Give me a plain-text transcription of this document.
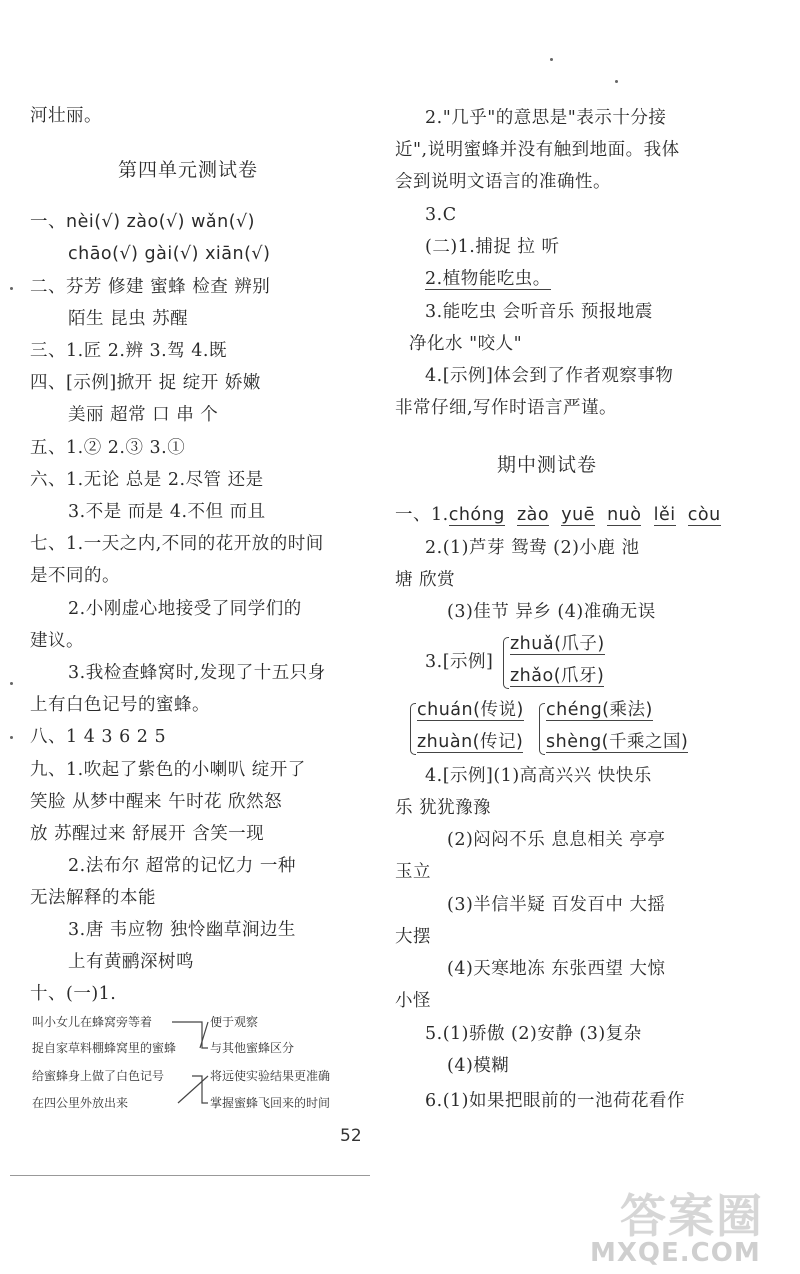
河壮丽。
第四单元测试卷
一、nèi(√) zào(√) wǎn(√)
chāo(√) gài(√) xiān(√)
二、芬芳 修建 蜜蜂 检查 辨别
陌生 昆虫 苏醒
三、1.匠 2.辨 3.驾 4.既
四、[示例]掀开 捉 绽开 娇嫩
美丽 超常 口 串 个
五、1.② 2.③ 3.①
六、1.无论 总是 2.尽管 还是
3.不是 而是 4.不但 而且
七、1.一天之内,不同的花开放的时间
是不同的。
2.小刚虚心地接受了同学们的
建议。
3.我检查蜂窝时,发现了十五只身
上有白色记号的蜜蜂。
八、1 4 3 6 2 5
九、1.吹起了紫色的小喇叭 绽开了
笑脸 从梦中醒来 午时花 欣然怒
放 苏醒过来 舒展开 含笑一现
2.法布尔 超常的记忆力 一种
无法解释的本能
3.唐 韦应物 独怜幽草涧边生
上有黄鹂深树鸣
十、(一)1.
叫小女儿在蜂窝旁等着
捉自家草料棚蜂窝里的蜜蜂
给蜜蜂身上做了白色记号
在四公里外放出来
便于观察
与其他蜜蜂区分
将远使实验结果更准确
掌握蜜蜂飞回来的时间
52
2."几乎"的意思是"表示十分接
近",说明蜜蜂并没有触到地面。我体
会到说明文语言的准确性。
3.C
(二)1.捕捉 拉 听
2.植物能吃虫。
3.能吃虫 会听音乐 预报地震
净化水 "咬人"
4.[示例]体会到了作者观察事物
非常仔细,写作时语言严谨。
期中测试卷
一、1.chóng zào yuē nuò lěi còu
2.(1)芦芽 鸳鸯 (2)小鹿 池
塘 欣赏
(3)佳节 异乡 (4)准确无误
3.[示例]
zhuǎ(爪子)
zhǎo(爪牙)
chuán(传说)
zhuàn(传记)
chéng(乘法)
shèng(千乘之国)
4.[示例](1)高高兴兴 快快乐
乐 犹犹豫豫
(2)闷闷不乐 息息相关 亭亭
玉立
(3)半信半疑 百发百中 大摇
大摆
(4)天寒地冻 东张西望 大惊
小怪
5.(1)骄傲 (2)安静 (3)复杂
(4)模糊
6.(1)如果把眼前的一池荷花看作
答案圈
MXQE.COM
